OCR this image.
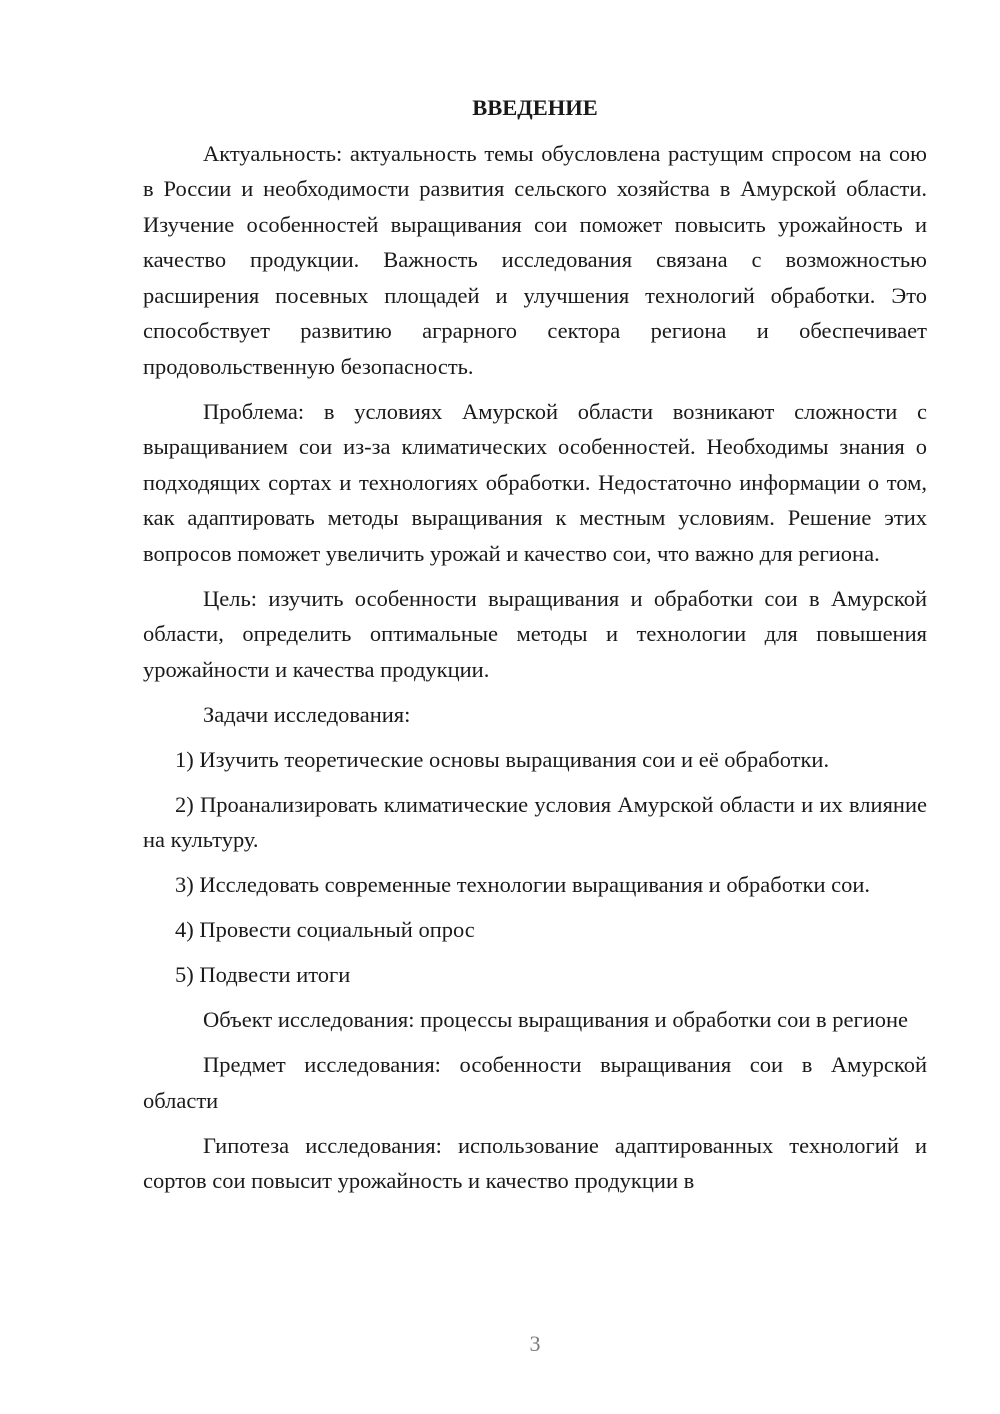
ВВЕДЕНИЕ

Актуальность: актуальность темы обусловлена растущим спросом на сою в России и необходимости развития сельского хозяйства в Амурской области. Изучение особенностей выращивания сои поможет повысить урожайность и качество продукции. Важность исследования связана с возможностью расширения посевных площадей и улучшения технологий обработки. Это способствует развитию аграрного сектора региона и обеспечивает продовольственную безопасность.

Проблема: в условиях Амурской области возникают сложности с выращиванием сои из-за климатических особенностей. Необходимы знания о подходящих сортах и технологиях обработки. Недостаточно информации о том, как адаптировать методы выращивания к местным условиям. Решение этих вопросов поможет увеличить урожай и качество сои, что важно для региона.

Цель: изучить особенности выращивания и обработки сои в Амурской области, определить оптимальные методы и технологии для повышения урожайности и качества продукции.

Задачи исследования:

1) Изучить теоретические основы выращивания сои и её обработки.

2) Проанализировать климатические условия Амурской области и их влияние на культуру.

3) Исследовать современные технологии выращивания и обработки сои.

4) Провести социальный опрос

5) Подвести итоги

Объект исследования: процессы выращивания и обработки сои в регионе

Предмет исследования: особенности выращивания сои в Амурской области

Гипотеза исследования: использование адаптированных технологий и сортов сои повысит урожайность и качество продукции в

3
